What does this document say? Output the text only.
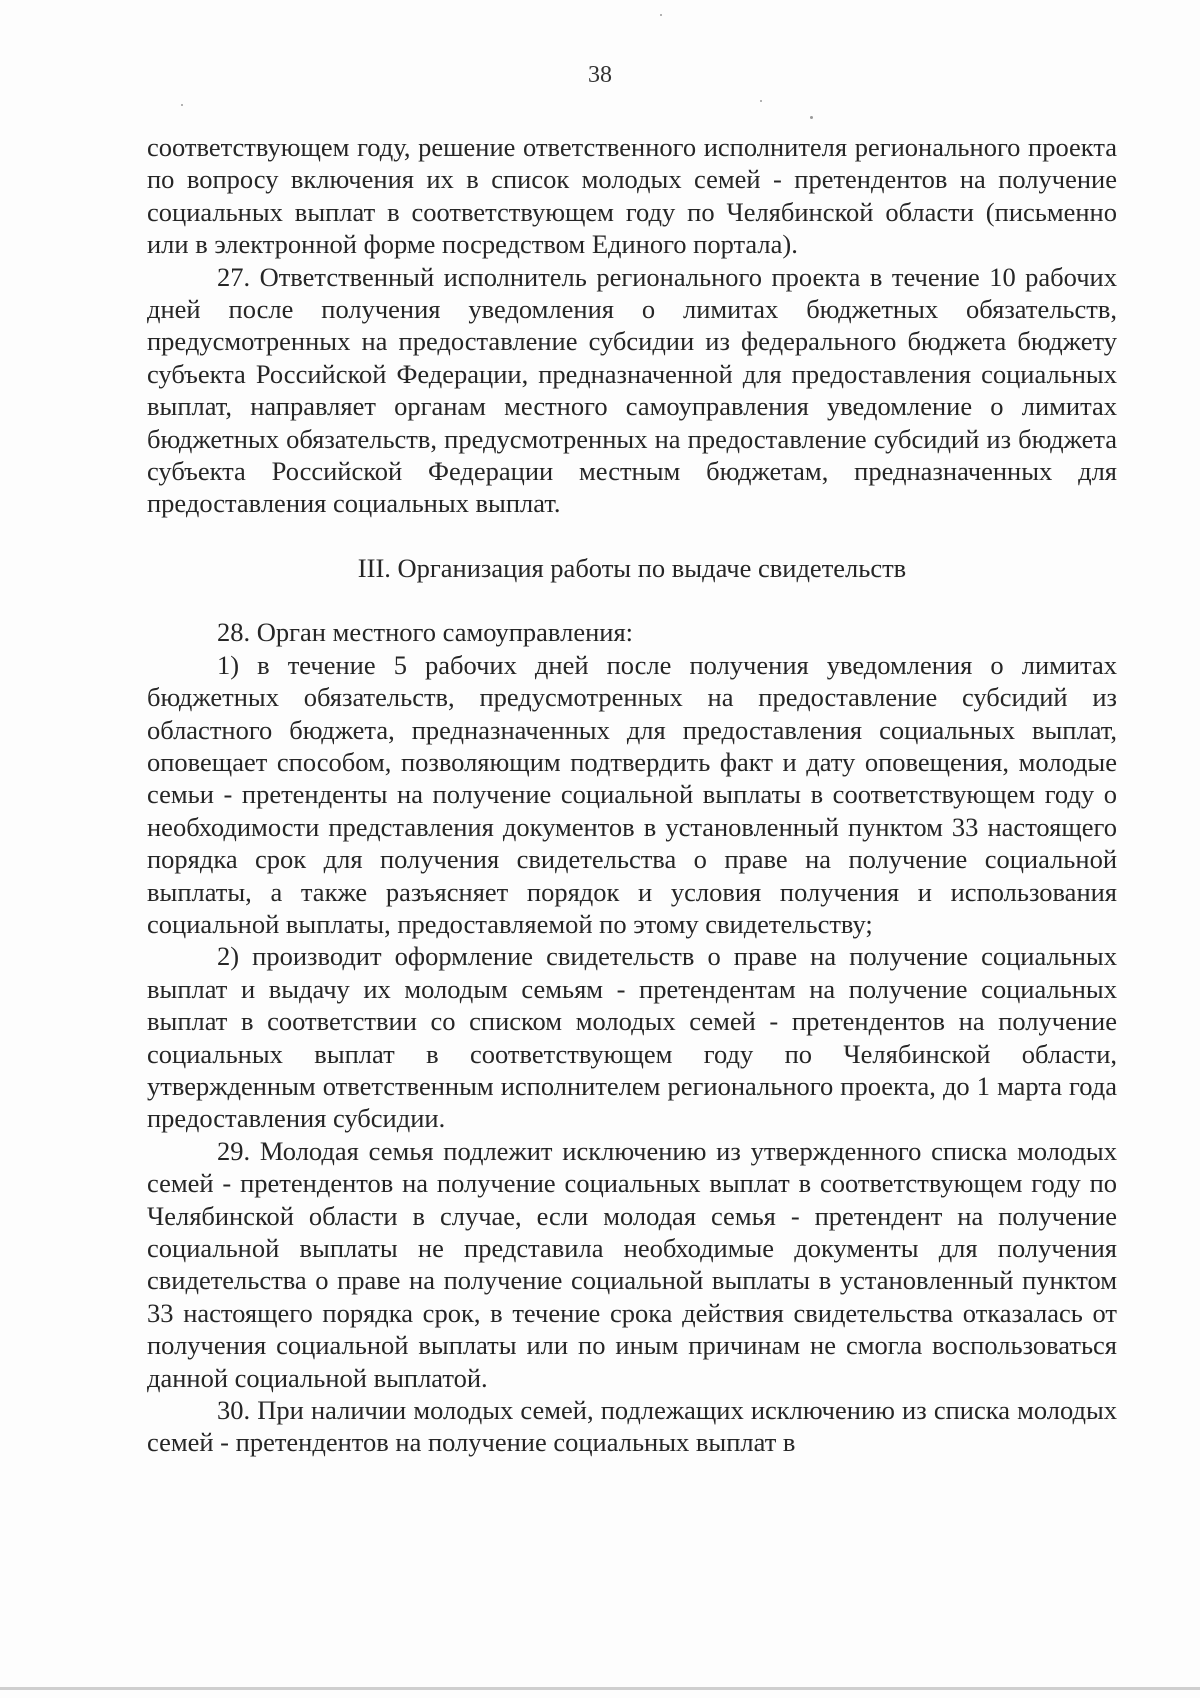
38

соответствующем году, решение ответственного исполнителя регионального проекта по вопросу включения их в список молодых семей - претендентов на получение социальных выплат в соответствующем году по Челябинской области (письменно или в электронной форме посредством Единого портала).

27. Ответственный исполнитель регионального проекта в течение 10 рабочих дней после получения уведомления о лимитах бюджетных обязательств, предусмотренных на предоставление субсидии из федерального бюджета бюджету субъекта Российской Федерации, предназначенной для предоставления социальных выплат, направляет органам местного самоуправления уведомление о лимитах бюджетных обязательств, предусмотренных на предоставление субсидий из бюджета субъекта Российской Федерации местным бюджетам, предназначенных для предоставления социальных выплат.

III. Организация работы по выдаче свидетельств

28. Орган местного самоуправления:

1) в течение 5 рабочих дней после получения уведомления о лимитах бюджетных обязательств, предусмотренных на предоставление субсидий из областного бюджета, предназначенных для предоставления социальных выплат, оповещает способом, позволяющим подтвердить факт и дату оповещения, молодые семьи - претенденты на получение социальной выплаты в соответствующем году о необходимости представления документов в установленный пунктом 33 настоящего порядка срок для получения свидетельства о праве на получение социальной выплаты, а также разъясняет порядок и условия получения и использования социальной выплаты, предоставляемой по этому свидетельству;

2) производит оформление свидетельств о праве на получение социальных выплат и выдачу их молодым семьям - претендентам на получение социальных выплат в соответствии со списком молодых семей - претендентов на получение социальных выплат в соответствующем году по Челябинской области, утвержденным ответственным исполнителем регионального проекта, до 1 марта года предоставления субсидии.

29. Молодая семья подлежит исключению из утвержденного списка молодых семей - претендентов на получение социальных выплат в соответствующем году по Челябинской области в случае, если молодая семья - претендент на получение социальной выплаты не представила необходимые документы для получения свидетельства о праве на получение социальной выплаты в установленный пунктом 33 настоящего порядка срок, в течение срока действия свидетельства отказалась от получения социальной выплаты или по иным причинам не смогла воспользоваться данной социальной выплатой.

30. При наличии молодых семей, подлежащих исключению из списка молодых семей - претендентов на получение социальных выплат в
